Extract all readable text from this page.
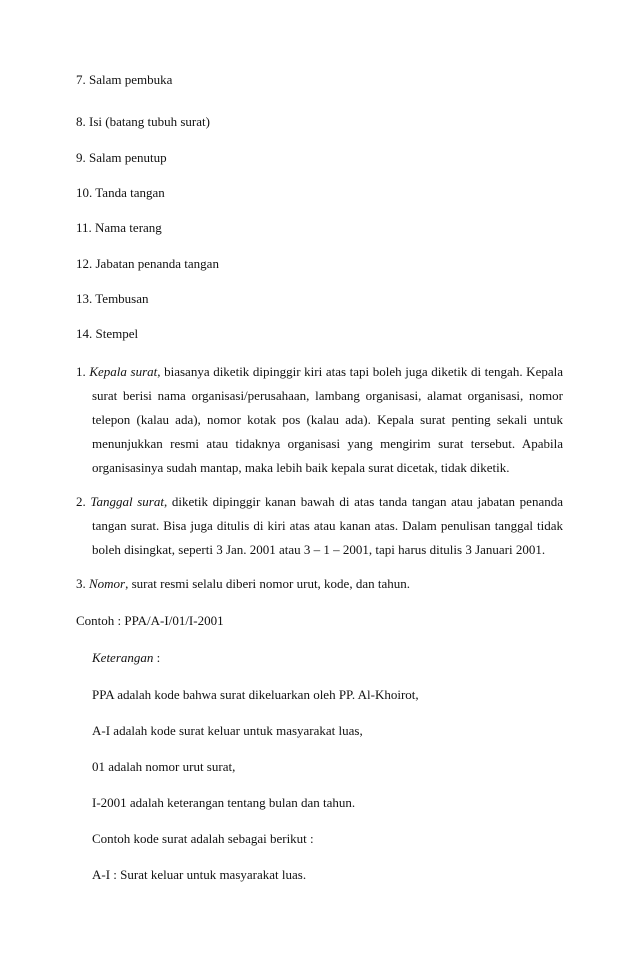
7. Salam pembuka
8. Isi (batang tubuh surat)
9. Salam penutup
10. Tanda tangan
11. Nama terang
12. Jabatan penanda tangan
13. Tembusan
14. Stempel
1. Kepala surat, biasanya diketik dipinggir kiri atas tapi boleh juga diketik di tengah. Kepala
surat berisi nama organisasi/perusahaan, lambang organisasi, alamat organisasi, nomor
telepon (kalau ada), nomor kotak pos (kalau ada). Kepala surat penting sekali untuk
menunjukkan resmi atau tidaknya organisasi yang mengirim surat tersebut. Apabila
organisasinya sudah mantap, maka lebih baik kepala surat dicetak, tidak diketik.
2. Tanggal surat, diketik dipinggir kanan bawah di atas tanda tangan atau jabatan penanda
tangan surat. Bisa juga ditulis di kiri atas atau kanan atas. Dalam penulisan tanggal tidak
boleh disingkat, seperti 3 Jan. 2001 atau 3 – 1 – 2001, tapi harus ditulis 3 Januari 2001.
3. Nomor, surat resmi selalu diberi nomor urut, kode, dan tahun.
Contoh : PPA/A-I/01/I-2001
Keterangan :
PPA adalah kode bahwa surat dikeluarkan oleh PP. Al-Khoirot,
A-I adalah kode surat keluar untuk masyarakat luas,
01 adalah nomor urut surat,
I-2001 adalah keterangan tentang bulan dan tahun.
Contoh kode surat adalah sebagai berikut :
A-I : Surat keluar untuk masyarakat luas.
